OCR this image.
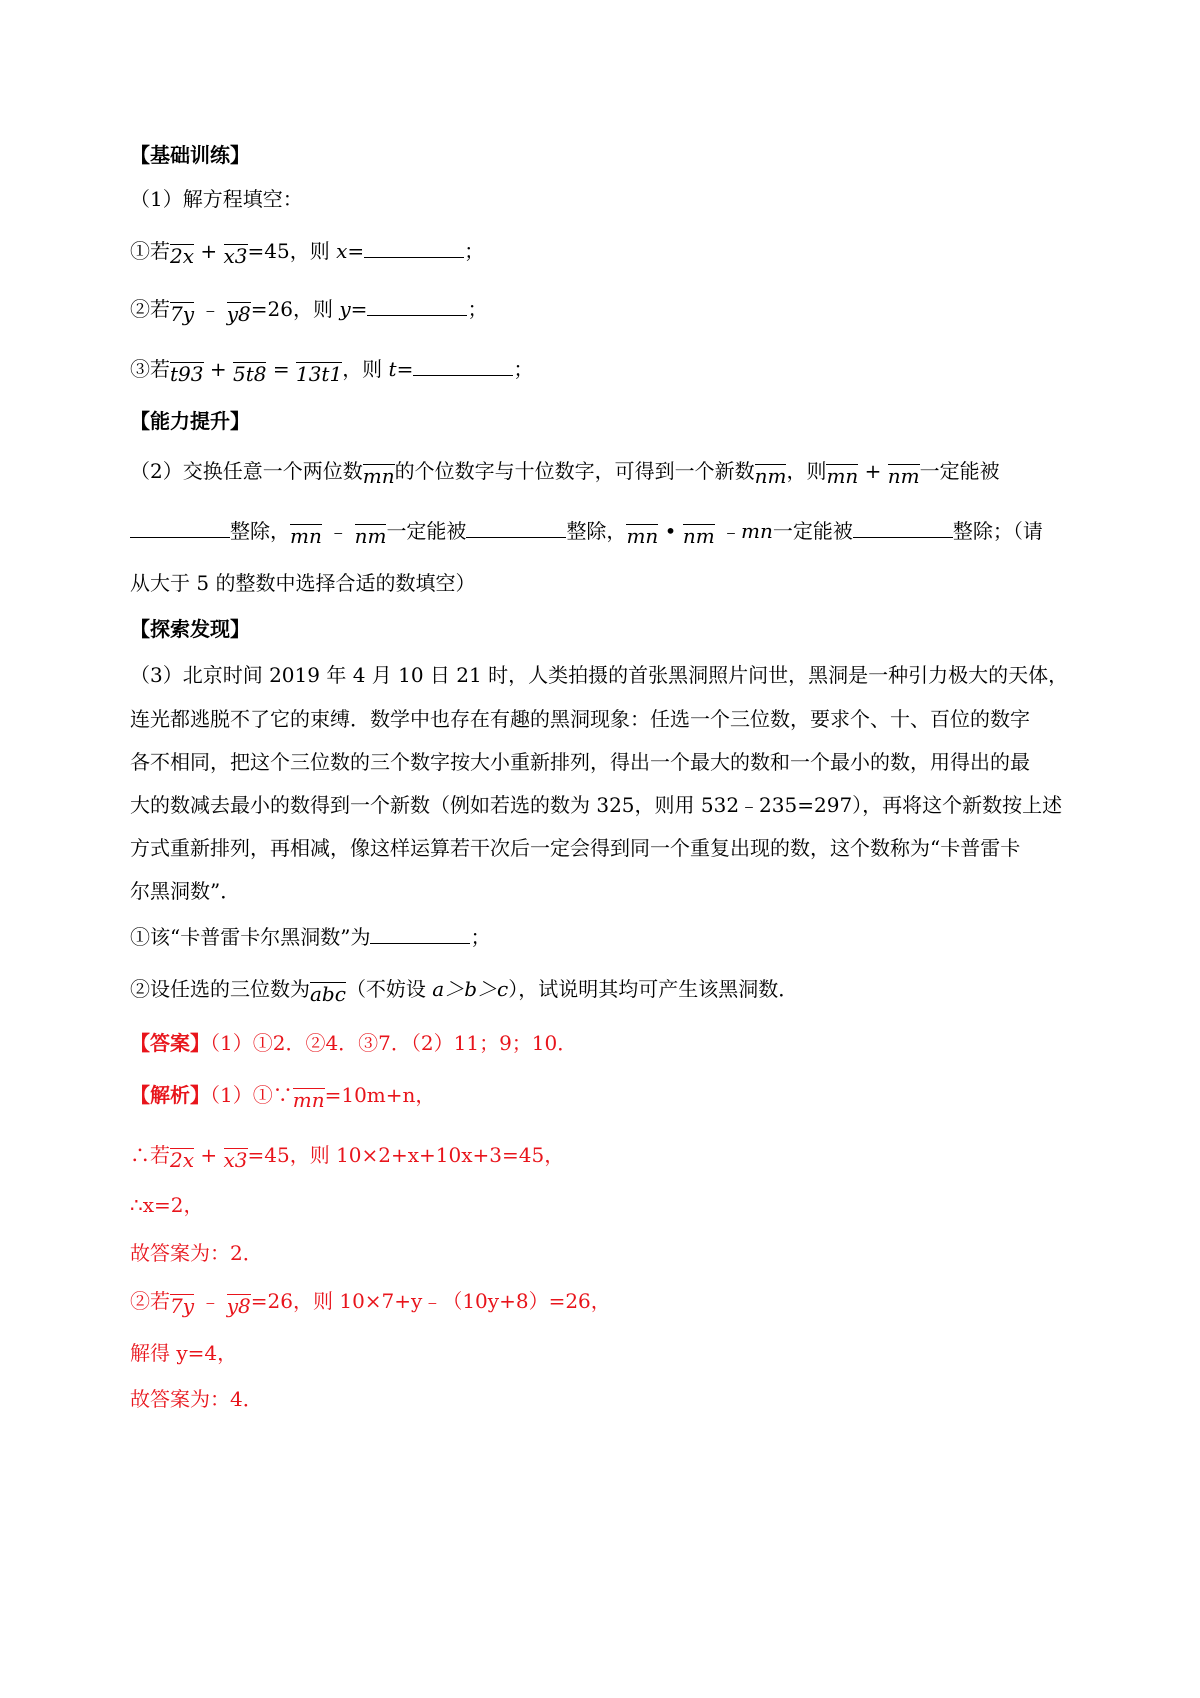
【基础训练】
（1）解方程填空：
①若2x + x3=45，则 x=	；
②若7y ﹣ y8=26，则 y=	；
③若t93 + 5t8 = 13t1，则 t=	；
【能力提升】
（2）交换任意一个两位数mn的个位数字与十位数字，可得到一个新数nm，则mn + nm一定能被
整除，mn ﹣ nm一定能被	整除，mn • nm ﹣mn一定能被	整除；（请
从大于 5 的整数中选择合适的数填空）
【探索发现】
（3）北京时间 2019 年 4 月 10 日 21 时，人类拍摄的首张黑洞照片问世，黑洞是一种引力极大的天体，
连光都逃脱不了它的束缚．数学中也存在有趣的黑洞现象：任选一个三位数，要求个、十、百位的数字
各不相同，把这个三位数的三个数字按大小重新排列，得出一个最大的数和一个最小的数，用得出的最
大的数减去最小的数得到一个新数（例如若选的数为 325，则用 532﹣235=297），再将这个新数按上述
方式重新排列，再相减，像这样运算若干次后一定会得到同一个重复出现的数，这个数称为“卡普雷卡
尔黑洞数”．
①该“卡普雷卡尔黑洞数”为	；
②设任选的三位数为abc（不妨设 a＞b＞c），试说明其均可产生该黑洞数．
【答案】（1）①2．②4．③7．（2）11；9；10．
【解析】（1）①∵mn=10m+n，
∴若2x + x3=45，则 10×2+x+10x+3=45，
∴x=2，
故答案为：2．
②若7y ﹣ y8=26，则 10×7+y﹣（10y+8）=26，
解得 y=4，
故答案为：4．
